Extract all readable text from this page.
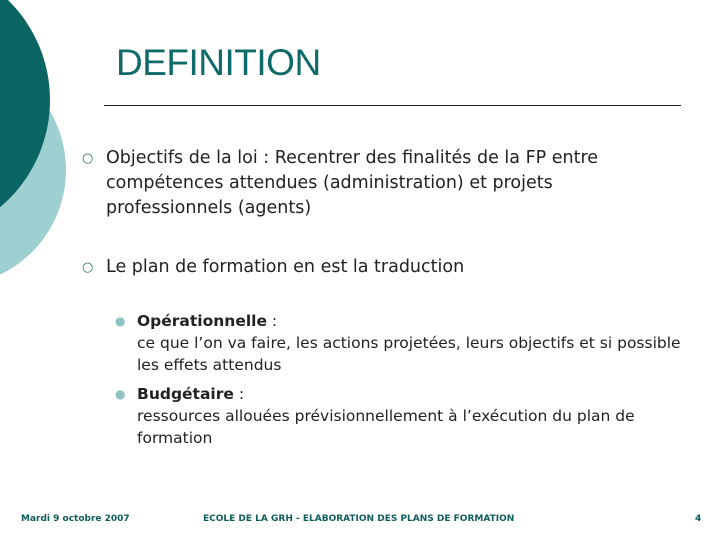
DEFINITION
○ Objectifs de la loi : Recentrer des finalités de la FP entre compétences attendues (administration) et projets professionnels (agents)
○ Le plan de formation en est la traduction
● Opérationnelle :
ce que l’on va faire, les actions projetées, leurs objectifs et si possible les effets attendus
● Budgétaire :
ressources allouées prévisionnellement à l’exécution du plan de formation
Mardi 9 octobre 2007	ECOLE DE LA GRH - ELABORATION DES PLANS DE FORMATION	4
